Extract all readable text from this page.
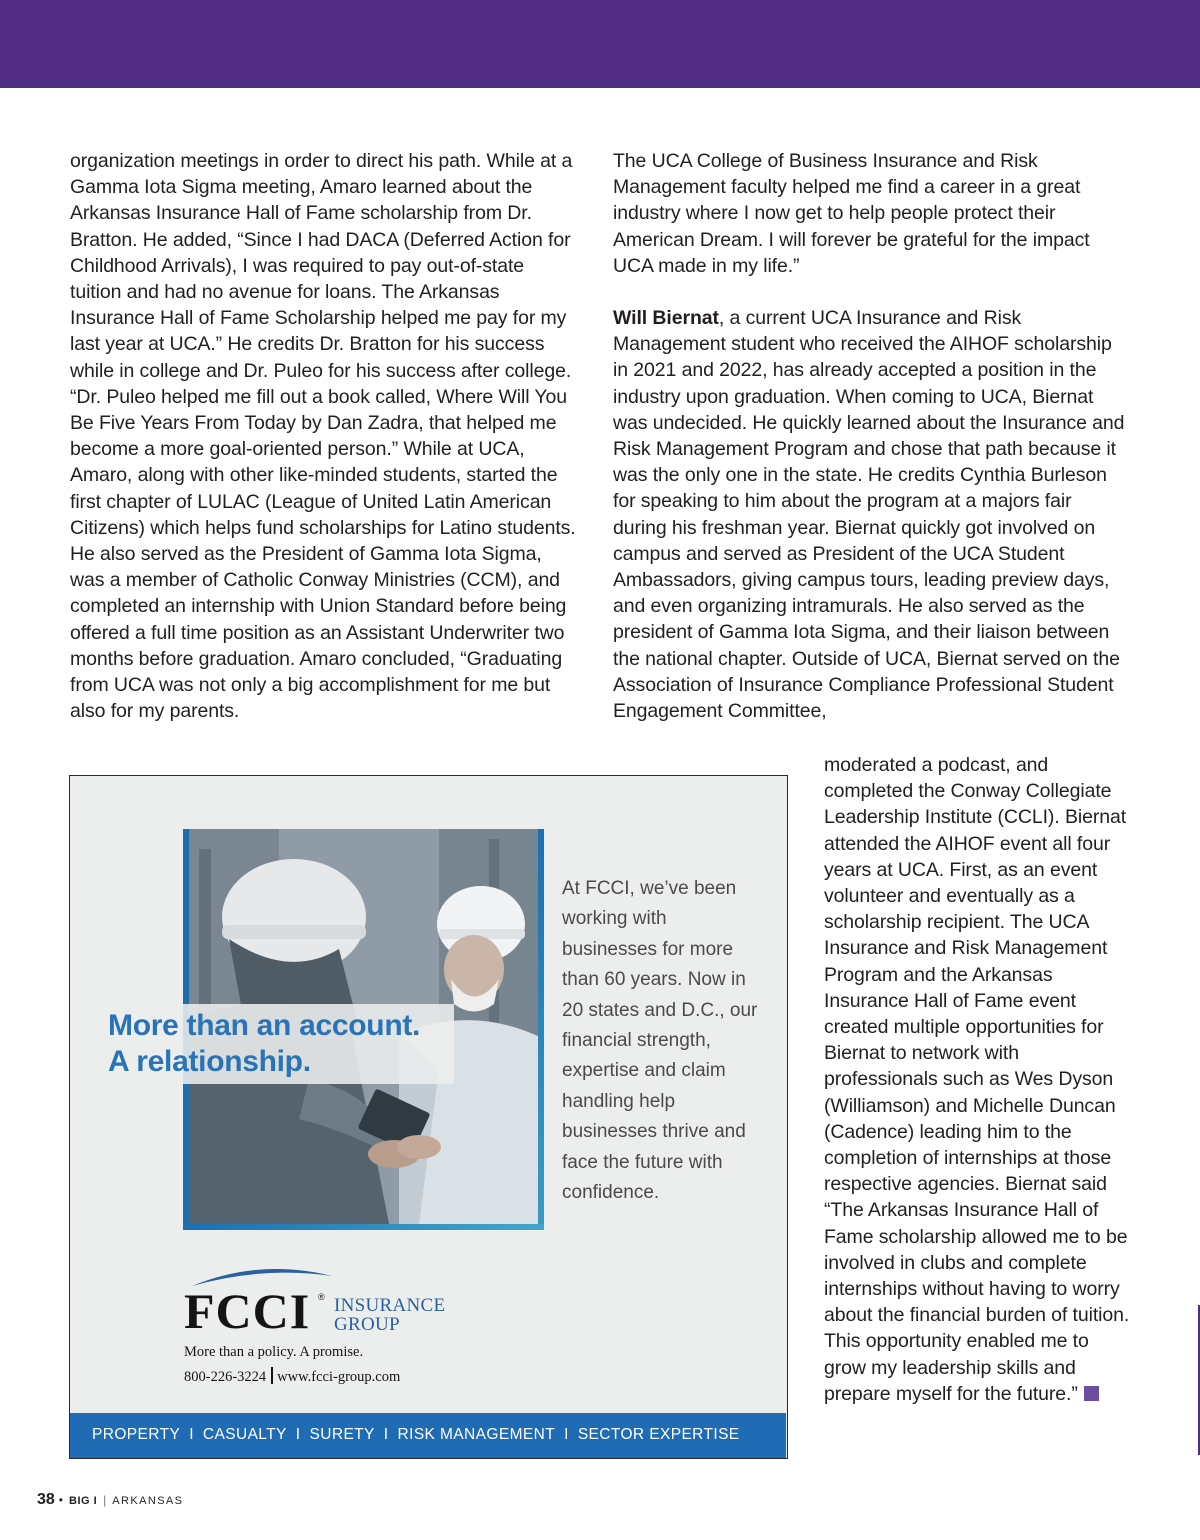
organization meetings in order to direct his path. While at a Gamma Iota Sigma meeting, Amaro learned about the Arkansas Insurance Hall of Fame scholarship from Dr. Bratton. He added, “Since I had DACA (Deferred Action for Childhood Arrivals), I was required to pay out-of-state tuition and had no avenue for loans. The Arkansas Insurance Hall of Fame Scholarship helped me pay for my last year at UCA.” He credits Dr. Bratton for his success while in college and Dr. Puleo for his success after college. “Dr. Puleo helped me fill out a book called, Where Will You Be Five Years From Today by Dan Zadra, that helped me become a more goal-oriented person.” While at UCA, Amaro, along with other like-minded students, started the first chapter of LULAC (League of United Latin American Citizens) which helps fund scholarships for Latino students. He also served as the President of Gamma Iota Sigma, was a member of Catholic Conway Ministries (CCM), and completed an internship with Union Standard before being offered a full time position as an Assistant Underwriter two months before graduation. Amaro concluded, “Graduating from UCA was not only a big accomplishment for me but also for my parents.

The UCA College of Business Insurance and Risk Management faculty helped me find a career in a great industry where I now get to help people protect their American Dream. I will forever be grateful for the impact UCA made in my life.”

Will Biernat, a current UCA Insurance and Risk Management student who received the AIHOF scholarship in 2021 and 2022, has already accepted a position in the industry upon graduation. When coming to UCA, Biernat was undecided. He quickly learned about the Insurance and Risk Management Program and chose that path because it was the only one in the state. He credits Cynthia Burleson for speaking to him about the program at a majors fair during his freshman year. Biernat quickly got involved on campus and served as President of the UCA Student Ambassadors, giving campus tours, leading preview days, and even organizing intramurals. He also served as the president of Gamma Iota Sigma, and their liaison between the national chapter. Outside of UCA, Biernat served on the Association of Insurance Compliance Professional Student Engagement Committee,

moderated a podcast, and completed the Conway Collegiate Leadership Institute (CCLI). Biernat attended the AIHOF event all four years at UCA. First, as an event volunteer and eventually as a scholarship recipient. The UCA Insurance and Risk Management Program and the Arkansas Insurance Hall of Fame event created multiple opportunities for Biernat to network with professionals such as Wes Dyson (Williamson) and Michelle Duncan (Cadence) leading him to the completion of internships at those respective agencies. Biernat said “The Arkansas Insurance Hall of Fame scholarship allowed me to be involved in clubs and complete internships without having to worry about the financial burden of tuition. This opportunity enabled me to grow my leadership skills and prepare myself for the future.”

More than an account.
A relationship.
At FCCI, we’ve been working with businesses for more than 60 years. Now in 20 states and D.C., our financial strength, expertise and claim handling help businesses thrive and face the future with confidence.
FCCI ® INSURANCE
GROUP
More than a policy. A promise.
800-226-3224 www.fcci-group.com
PROPERTY I CASUALTY I SURETY I RISK MANAGEMENT I SECTOR EXPERTISE
38 • BIG I | ARKANSAS
